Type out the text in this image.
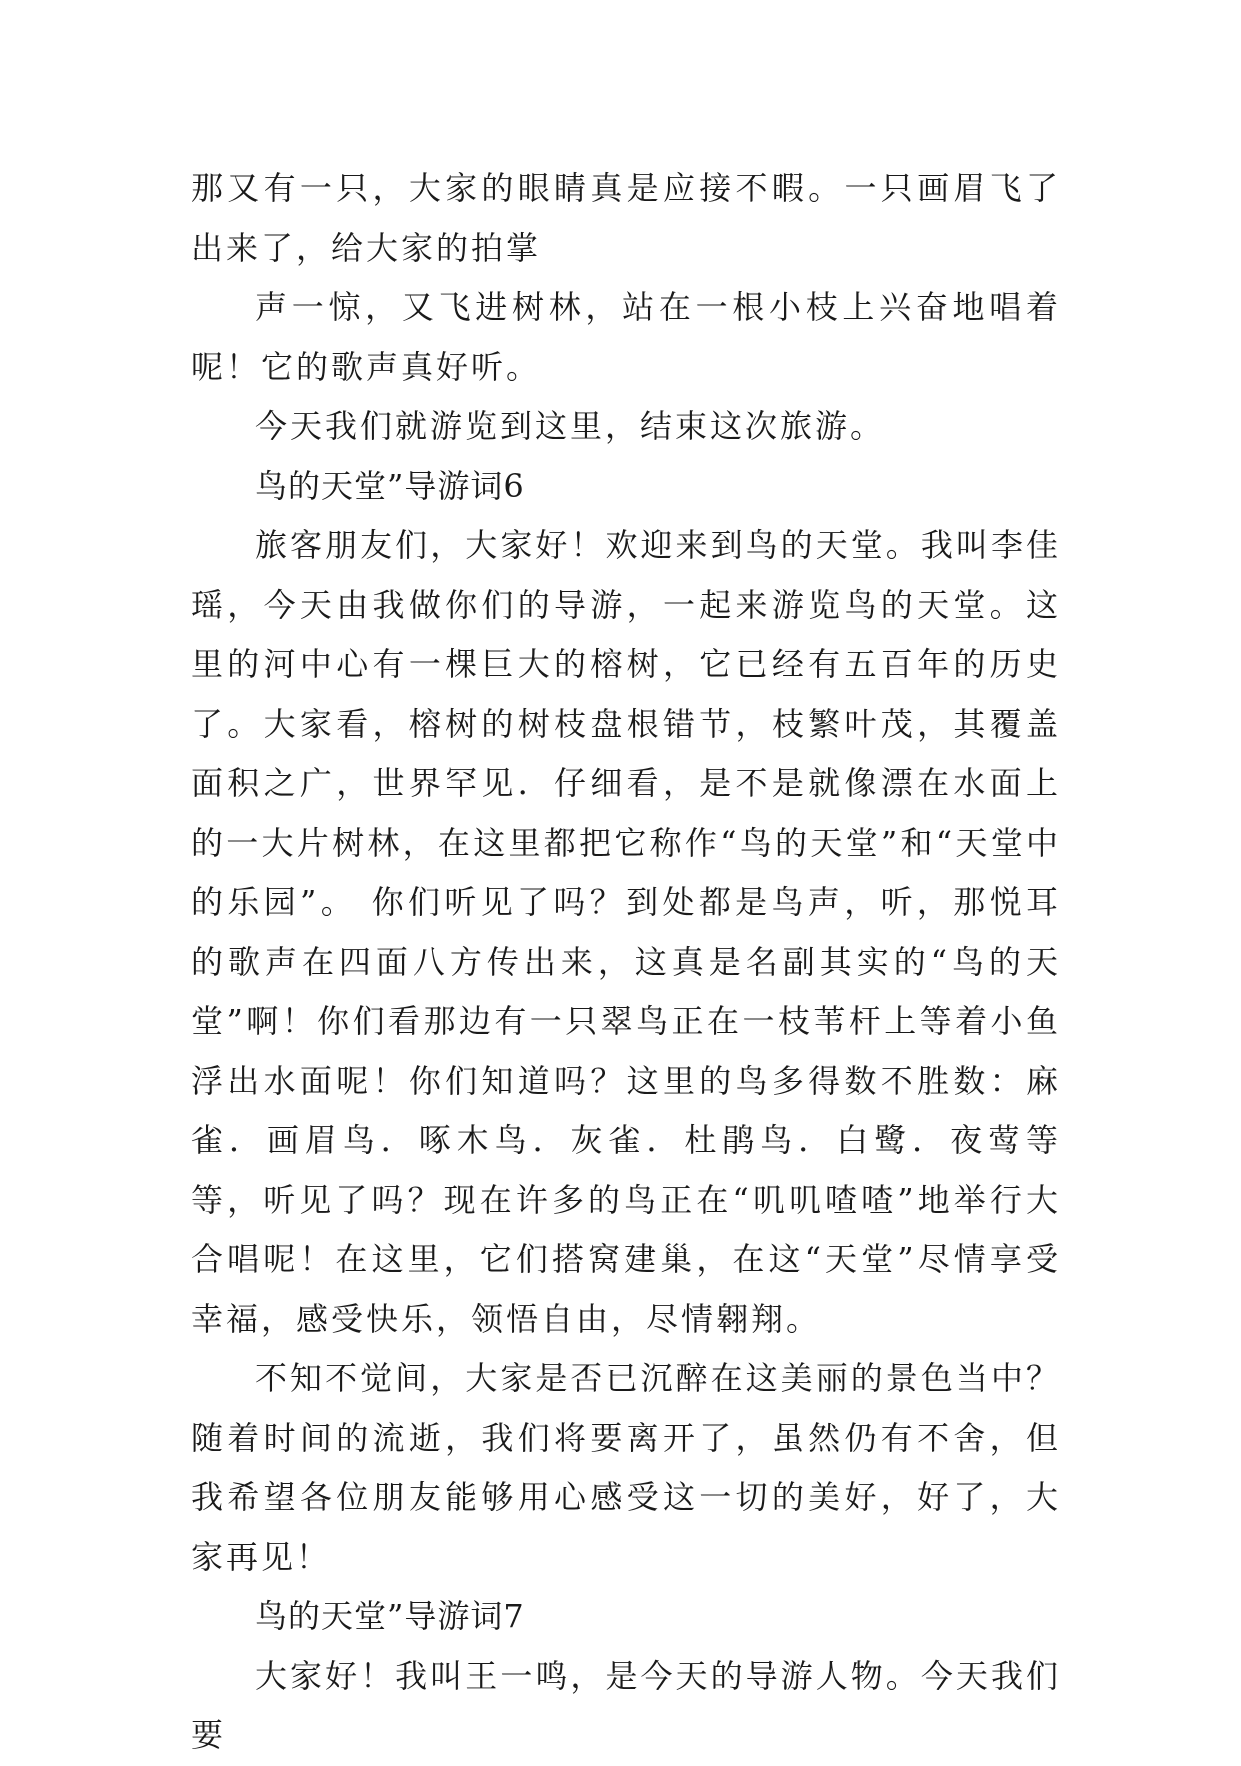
那又有一只，大家的眼睛真是应接不暇。一只画眉飞了出来了，给大家的拍掌

声一惊，又飞进树林，站在一根小枝上兴奋地唱着呢！它的歌声真好听。

今天我们就游览到这里，结束这次旅游。

鸟的天堂”导游词6

旅客朋友们，大家好！欢迎来到鸟的天堂。我叫李佳瑶，今天由我做你们的导游，一起来游览鸟的天堂。这里的河中心有一棵巨大的榕树，它已经有五百年的历史了。大家看，榕树的树枝盘根错节，枝繁叶茂，其覆盖面积之广，世界罕见．仔细看，是不是就像漂在水面上的一大片树林，在这里都把它称作“鸟的天堂”和“天堂中的乐园”。 你们听见了吗？到处都是鸟声，听，那悦耳的歌声在四面八方传出来，这真是名副其实的“鸟的天堂”啊！你们看那边有一只翠鸟正在一枝苇杆上等着小鱼浮出水面呢！你们知道吗？这里的鸟多得数不胜数：麻雀．画眉鸟．啄木鸟．灰雀．杜鹃鸟．白鹭．夜莺等等，听见了吗？现在许多的鸟正在“叽叽喳喳”地举行大合唱呢！在这里，它们搭窝建巢，在这“天堂”尽情享受幸福，感受快乐，领悟自由，尽情翱翔。

不知不觉间，大家是否已沉醉在这美丽的景色当中？随着时间的流逝，我们将要离开了，虽然仍有不舍，但我希望各位朋友能够用心感受这一切的美好，好了，大家再见！

鸟的天堂”导游词7

大家好！我叫王一鸣，是今天的导游人物。今天我们要
